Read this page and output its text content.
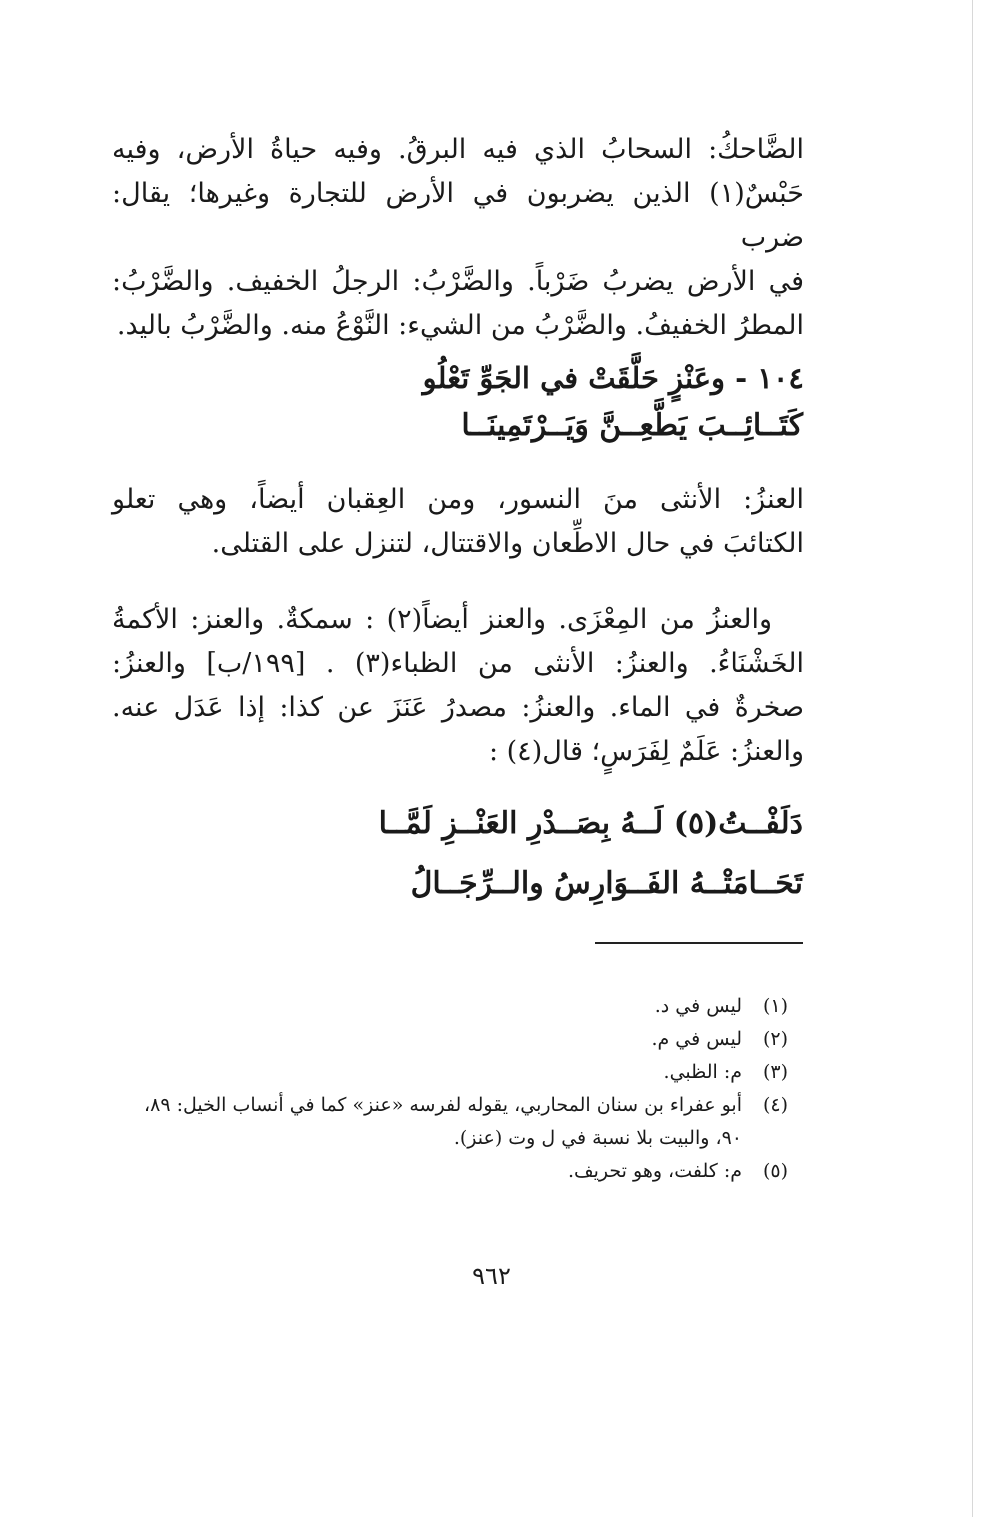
الضَّاحكُ: السحابُ الذي فيه البرقُ. وفيه حياةُ الأرض، وفيه
حَبْسٌ(١) الذين يضربون في الأرض للتجارة وغيرها؛ يقال: ضرب
في الأرض يضربُ ضَرْباً. والضَّرْبُ: الرجلُ الخفيف. والضَّرْبُ:
المطرُ الخفيفُ. والضَّرْبُ من الشيء: النَّوْعُ منه. والضَّرْبُ باليد.
١٠٤ - وعَنْزٍ حَلَّقَتْ في الجَوِّ تَعْلُو
كَتَــائِــبَ يَطَّعِــنَّ وَيَــرْتَمِينَــا
العنزُ: الأنثى منَ النسور، ومن العِقبان أيضاً، وهي تعلو
الكتائبَ في حال الاطِّعان والاقتتال، لتنزل على القتلى.
والعنزُ من المِعْزَى. والعنز أيضاً(٢) : سمكةٌ. والعنز: الأكمةُ
الخَشْنَاءُ. والعنزُ: الأنثى من الظباء(٣) . [١٩٩/ب] والعنزُ:
صخرةٌ في الماء. والعنزُ: مصدرُ عَنَزَ عن كذا: إذا عَدَل عنه.
والعنزُ: عَلَمٌ لِفَرَسٍ؛ قال(٤) :
دَلَفْــتُ(٥) لَــهُ بِصَــدْرِ العَنْــزِ لَمَّــا
تَحَــامَتْــهُ الفَــوَارِسُ والــرِّجَــالُ
(١)
ليس في د.
(٢)
ليس في م.
(٣)
م: الظبي.
(٤)
أبو عفراء بن سنان المحاربي، يقوله لفرسه «عنز» كما في أنساب الخيل: ٨٩،
٩٠، والبيت بلا نسبة في ل وت (عنز).
(٥)
م: كلفت، وهو تحريف.
٩٦٢
